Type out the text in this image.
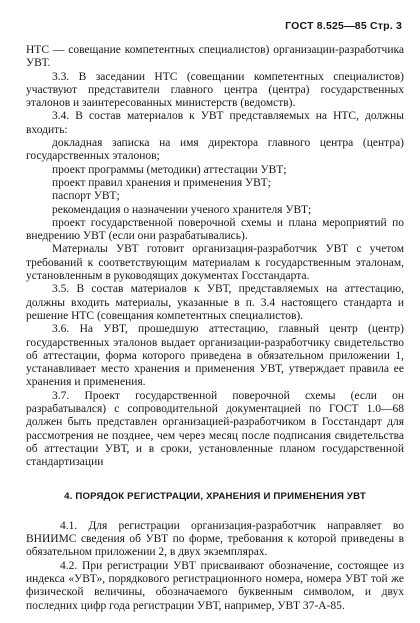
ГОСТ 8.525—85 Стр. 3

НТС — совещание компетентных специалистов) организации-разработчика УВТ.

3.3. В заседании НТС (совещании компетентных специалистов) участвуют представители главного центра (центра) государственных эталонов и заинтересованных министерств (ведомств).

3.4. В состав материалов к УВТ представляемых на НТС, должны входить:

докладная записка на имя директора главного центра (центра) государственных эталонов;

проект программы (методики) аттестации УВТ;

проект правил хранения и применения УВТ;

паспорт УВТ;

рекомендация о назначении ученого хранителя УВТ;

проект государственной поверочной схемы и плана мероприятий по внедрению УВТ (если они разрабатывались).

Материалы УВТ готовит организация-разработчик УВТ с учетом требований к соответствующим материалам к государственным эталонам, установленным в руководящих документах Госстандарта.

3.5. В состав материалов к УВТ, представляемых на аттестацию, должны входить материалы, указанные в п. 3.4 настоящего стандарта и решение НТС (совещания компетентных специалистов).

3.6. На УВТ, прошедшую аттестацию, главный центр (центр) государственных эталонов выдает организации-разработчику свидетельство об аттестации, форма которого приведена в обязательном приложении 1, устанавливает место хранения и применения УВТ, утверждает правила ее хранения и применения.

3.7. Проект государственной поверочной схемы (если он разрабатывался) с сопроводительной документацией по ГОСТ 1.0—68 должен быть представлен организацией-разработчиком в Госстандарт для рассмотрения не позднее, чем через месяц после подписания свидетельства об аттестации УВТ, и в сроки, установленные планом государственной стандартизации

4. ПОРЯДОК РЕГИСТРАЦИИ, ХРАНЕНИЯ И ПРИМЕНЕНИЯ УВТ

4.1. Для регистрации организация-разработчик направляет во ВНИИМС сведения об УВТ по форме, требования к которой приведены в обязательном приложении 2, в двух экземплярах.

4.2. При регистрации УВТ присваивают обозначение, состоящее из индекса «УВТ», порядкового регистрационного номера, номера УВТ той же физической величины, обозначаемого буквенным символом, и двух последних цифр года регистрации УВТ, например, УВТ 37-А-85.
